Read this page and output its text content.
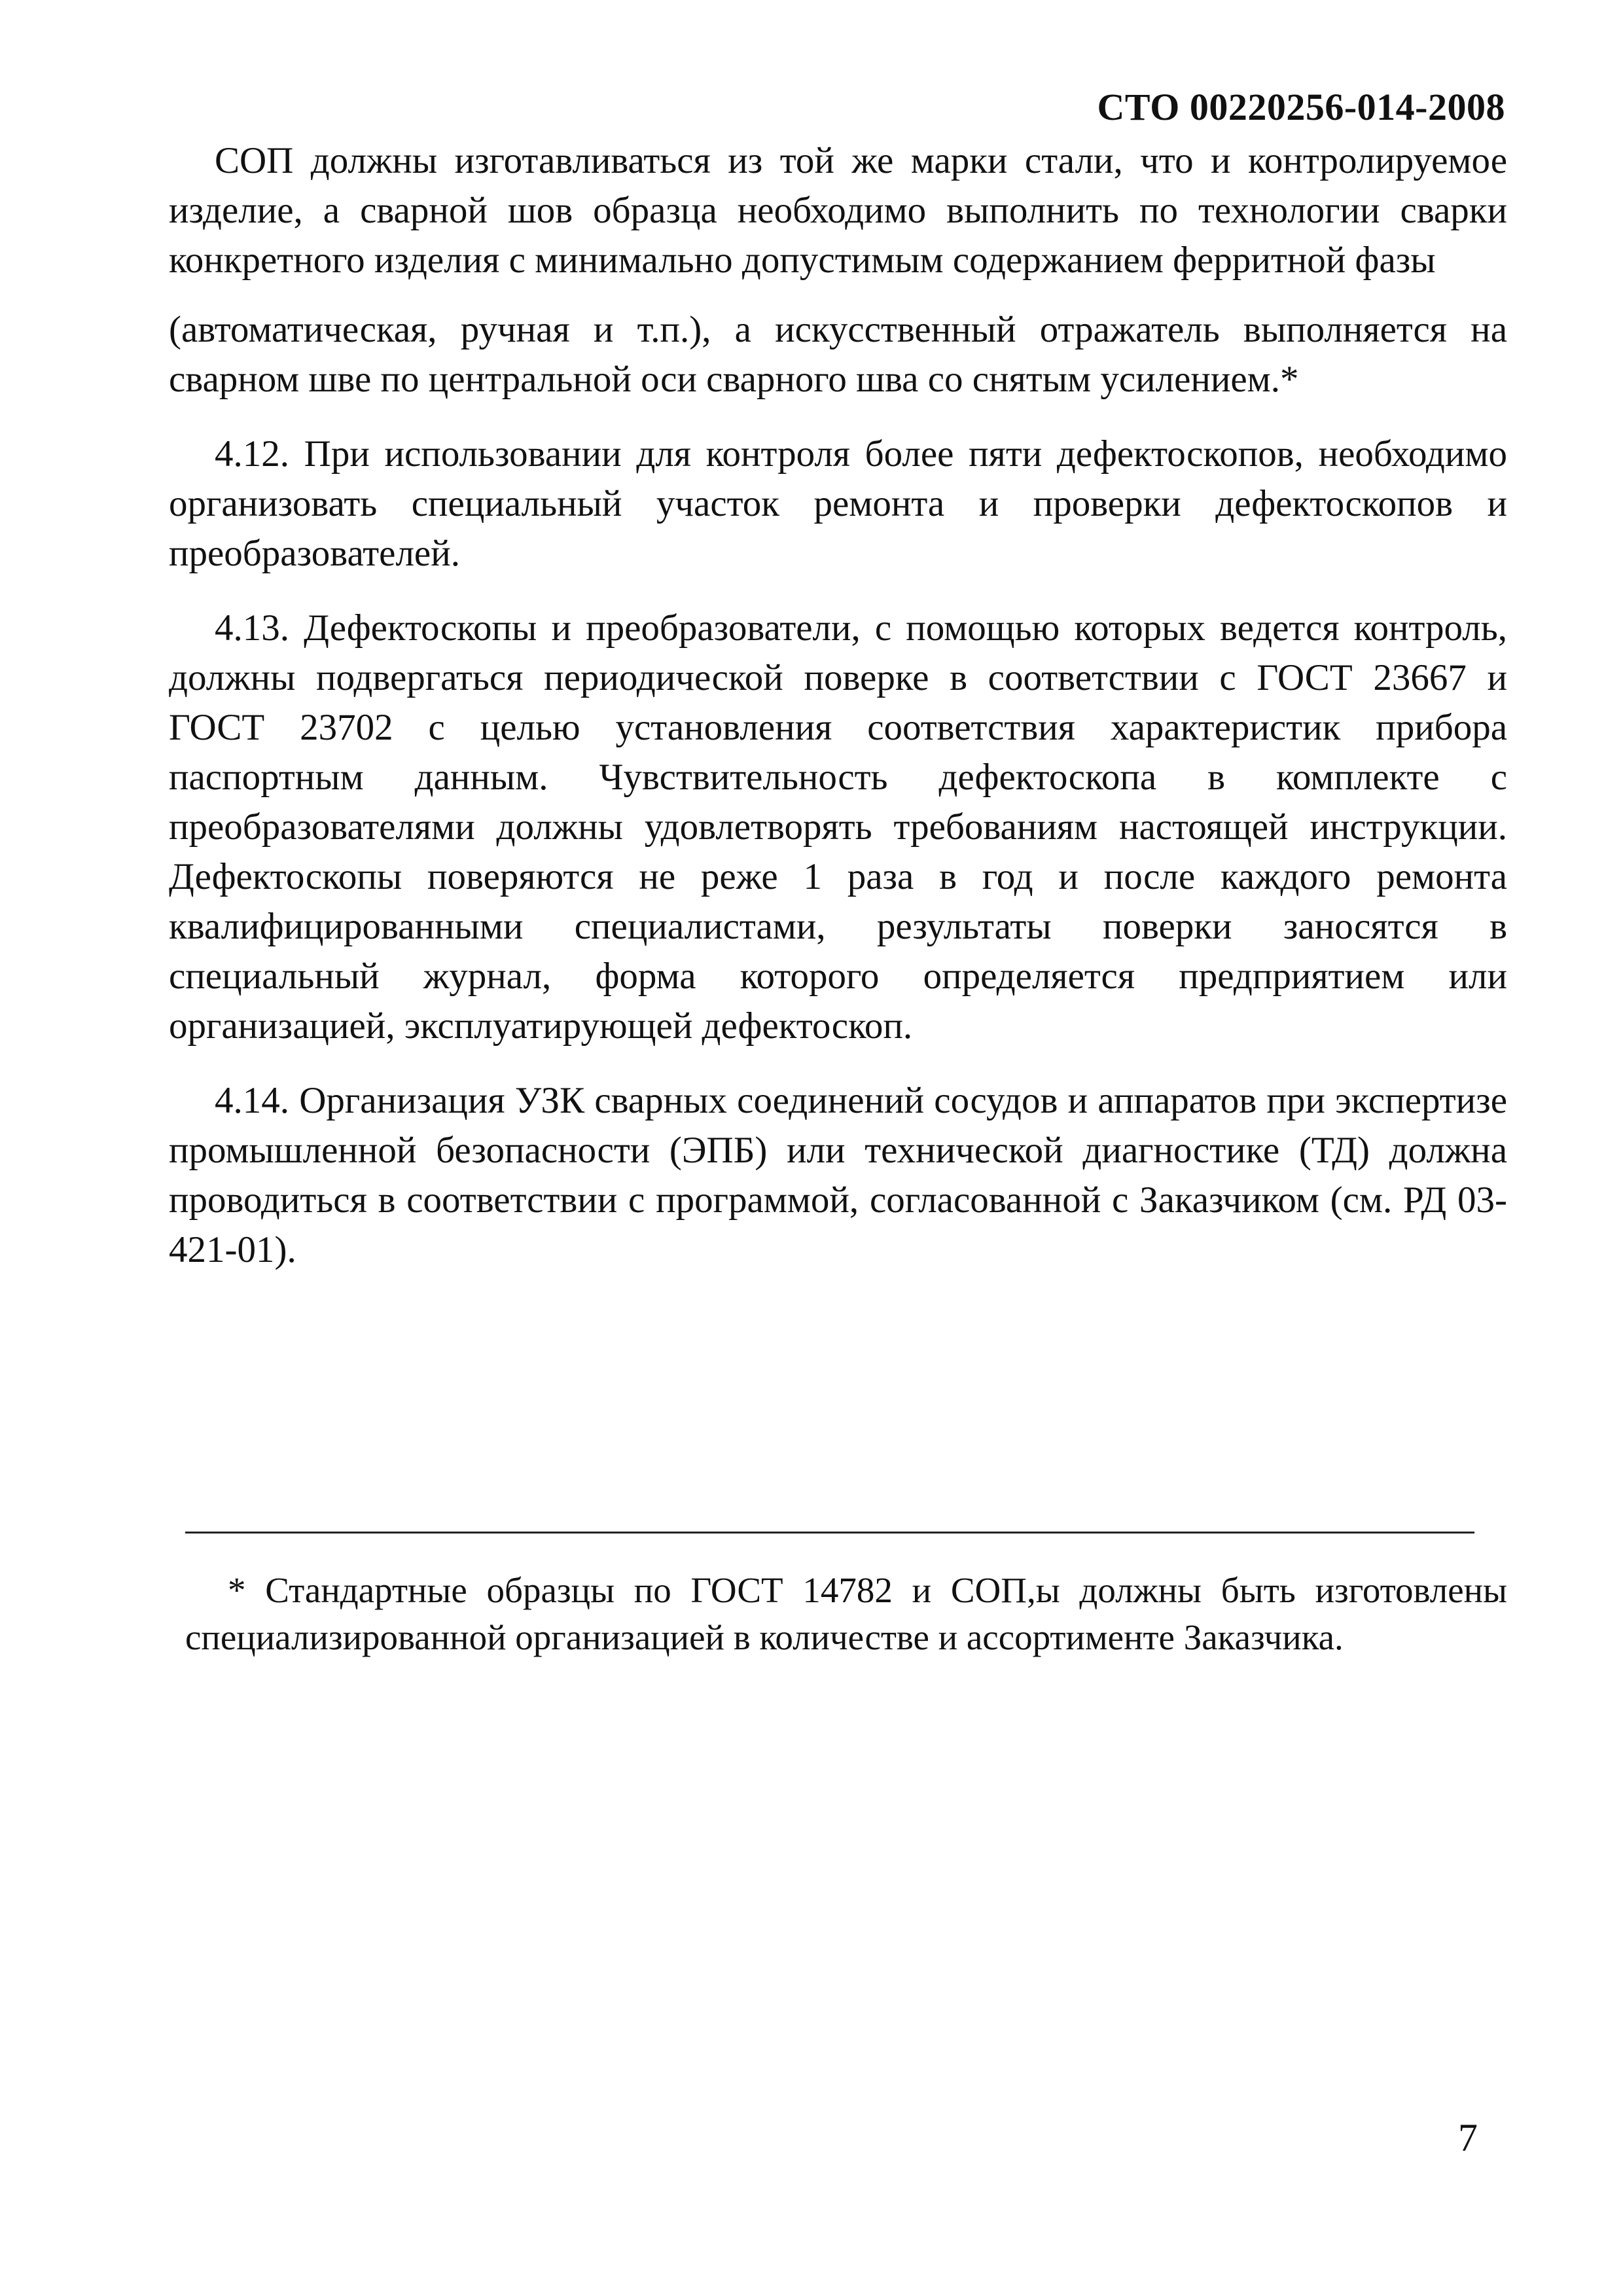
СТО 00220256-014-2008
СОП должны изготавливаться из той же марки стали, что и контролируемое изделие, а сварной шов образца необходимо выполнить по технологии сварки конкретного изделия с минимально допустимым содержанием ферритной фазы
(автоматическая, ручная и т.п.), а искусственный отражатель выполняется на сварном шве по центральной оси сварного шва со снятым усилением.*
4.12. При использовании для контроля более пяти дефектоскопов, необходимо организовать специальный участок ремонта и проверки дефектоскопов и преобразователей.
4.13. Дефектоскопы и преобразователи, с помощью которых ведется контроль, должны подвергаться периодической поверке в соответствии с ГОСТ 23667 и ГОСТ 23702 с целью установления соответствия характеристик прибора паспортным данным. Чувствительность дефектоскопа в комплекте с преобразователями должны удовлетворять требованиям настоящей инструкции. Дефектоскопы поверяются не реже 1 раза в год и после каждого ремонта квалифицированными специалистами, результаты поверки заносятся в специальный журнал, форма которого определяется предприятием или организацией, эксплуатирующей дефектоскоп.
4.14. Организация УЗК сварных соединений сосудов и аппаратов при экспертизе промышленной безопасности (ЭПБ) или технической диагностике (ТД) должна проводиться в соответствии с программой, согласованной с Заказчиком (см. РД 03-421-01).
* Стандартные образцы по ГОСТ 14782 и СОП,ы должны быть изготовлены специализированной организацией в количестве и ассортименте Заказчика.
7
